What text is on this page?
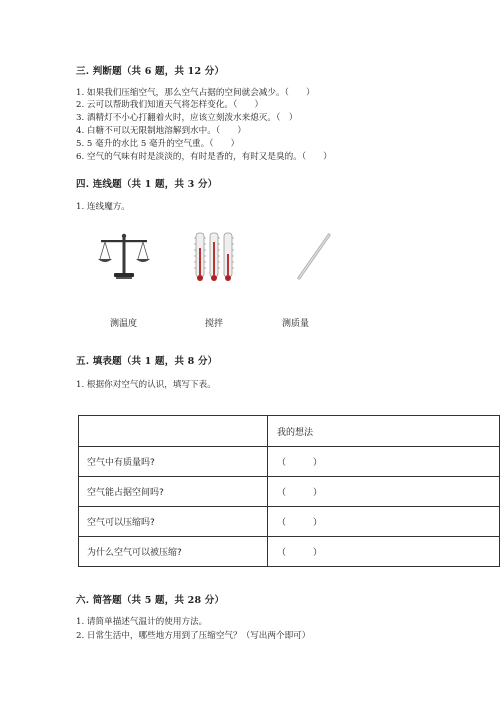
三. 判断题（共 6 题，共 12 分）
1. 如果我们压缩空气，那么空气占据的空间就会减少。（　　）
2. 云可以帮助我们知道天气将怎样变化。（　　）
3. 酒精灯不小心打翻着火时，应该立刻泼水来熄灭。（　）
4. 白糖不可以无限制地溶解到水中。（　　）
5. 5 毫升的水比 5 毫升的空气重。（　　）
6. 空气的气味有时是淡淡的，有时是香的，有时又是臭的。（　　）
四. 连线题（共 1 题，共 3 分）
1. 连线魔方。
测温度	搅拌	测质量
五. 填表题（共 1 题，共 8 分）
1. 根据你对空气的认识，填写下表。
	我的想法
空气中有质量吗?	（　　　）
空气能占据空间吗?	（　　　）
空气可以压缩吗?	（　　　）
为什么空气可以被压缩?	（　　　）
六. 简答题（共 5 题，共 28 分）
1. 请简单描述气温计的使用方法。
2. 日常生活中，哪些地方用到了压缩空气？（写出两个即可）
